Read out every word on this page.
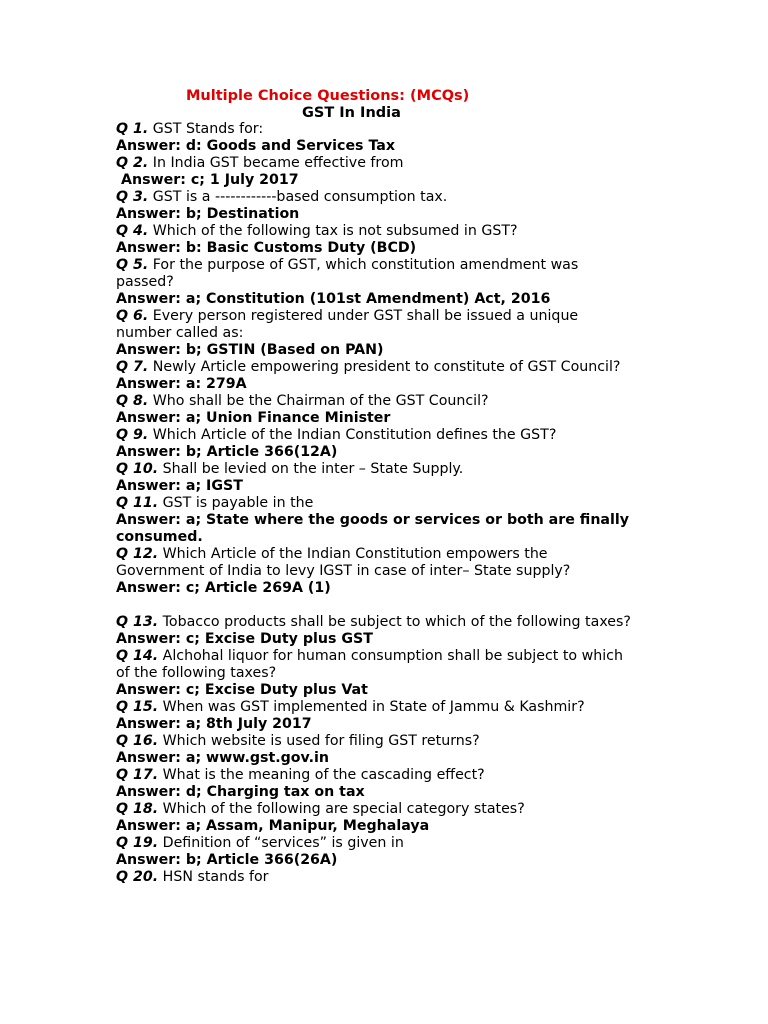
Multiple Choice Questions: (MCQs)
GST In India

Q 1. GST Stands for:

Answer: d: Goods and Services Tax

Q 2. In India GST became effective from

Answer: c; 1 July 2017

Q 3. GST is a ------------based consumption tax.

Answer: b; Destination

Q 4. Which of the following tax is not subsumed in GST?

Answer: b: Basic Customs Duty (BCD)

Q 5. For the purpose of GST, which constitution amendment was passed?

Answer: a; Constitution (101st Amendment) Act, 2016

Q 6. Every person registered under GST shall be issued a unique number called as:

Answer: b; GSTIN (Based on PAN)

Q 7. Newly Article empowering president to constitute of GST Council?

Answer: a: 279A

Q 8. Who shall be the Chairman of the GST Council?

Answer: a; Union Finance Minister

Q 9. Which Article of the Indian Constitution defines the GST?

Answer: b; Article 366(12A)

Q 10. Shall be levied on the inter – State Supply.

Answer: a; IGST

Q 11. GST is payable in the

Answer: a; State where the goods or services or both are finally consumed.

Q 12. Which Article of the Indian Constitution empowers the Government of India to levy IGST in case of inter– State supply?

Answer: c; Article 269A (1)

Q 13. Tobacco products shall be subject to which of the following taxes?

Answer: c; Excise Duty plus GST

Q 14. Alchohal liquor for human consumption shall be subject to which of the following taxes?

Answer: c; Excise Duty plus Vat

Q 15. When was GST implemented in State of Jammu & Kashmir?

Answer: a; 8th July 2017

Q 16. Which website is used for filing GST returns?

Answer: a; www.gst.gov.in

Q 17. What is the meaning of the cascading effect?

Answer: d; Charging tax on tax

Q 18. Which of the following are special category states?

Answer: a; Assam, Manipur, Meghalaya

Q 19. Definition of “services” is given in

Answer: b; Article 366(26A)

Q 20. HSN stands for
